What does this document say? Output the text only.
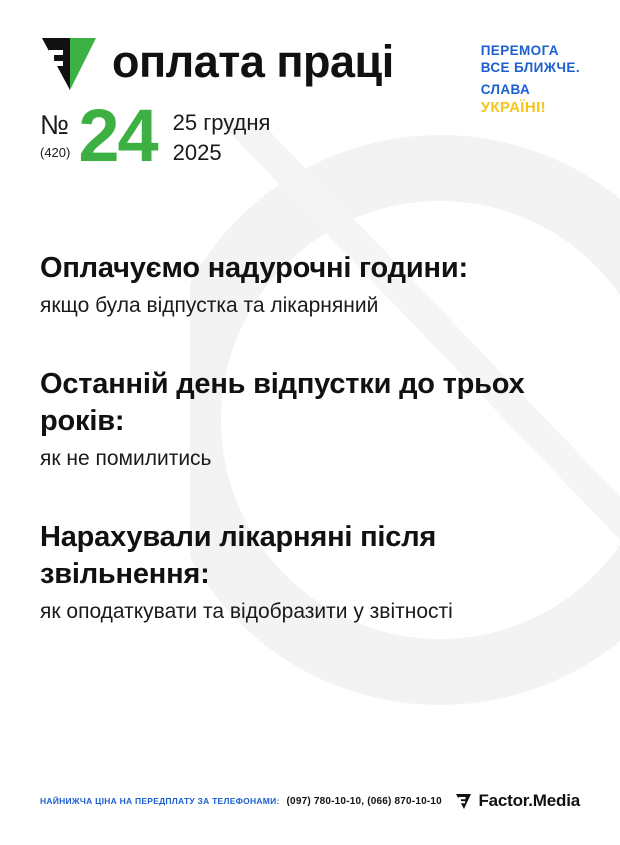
оплата праці	ПЕРЕМОГА
ВСЕ БЛИЖЧЕ.
СЛАВА
УКРАЇНІ!
№
(420) 24 25 грудня
2025
Оплачуємо надурочні години:
якщо була відпустка та лікарняний
Останній день відпустки до трьох років:
як не помилитись
Нарахували лікарняні після звільнення:
як оподаткувати та відобразити у звітності
НАЙНИЖЧА ЦІНА НА ПЕРЕДПЛАТУ ЗА ТЕЛЕФОНАМИ: (097) 780-10-10, (066) 870-10-10 Factor.Media
